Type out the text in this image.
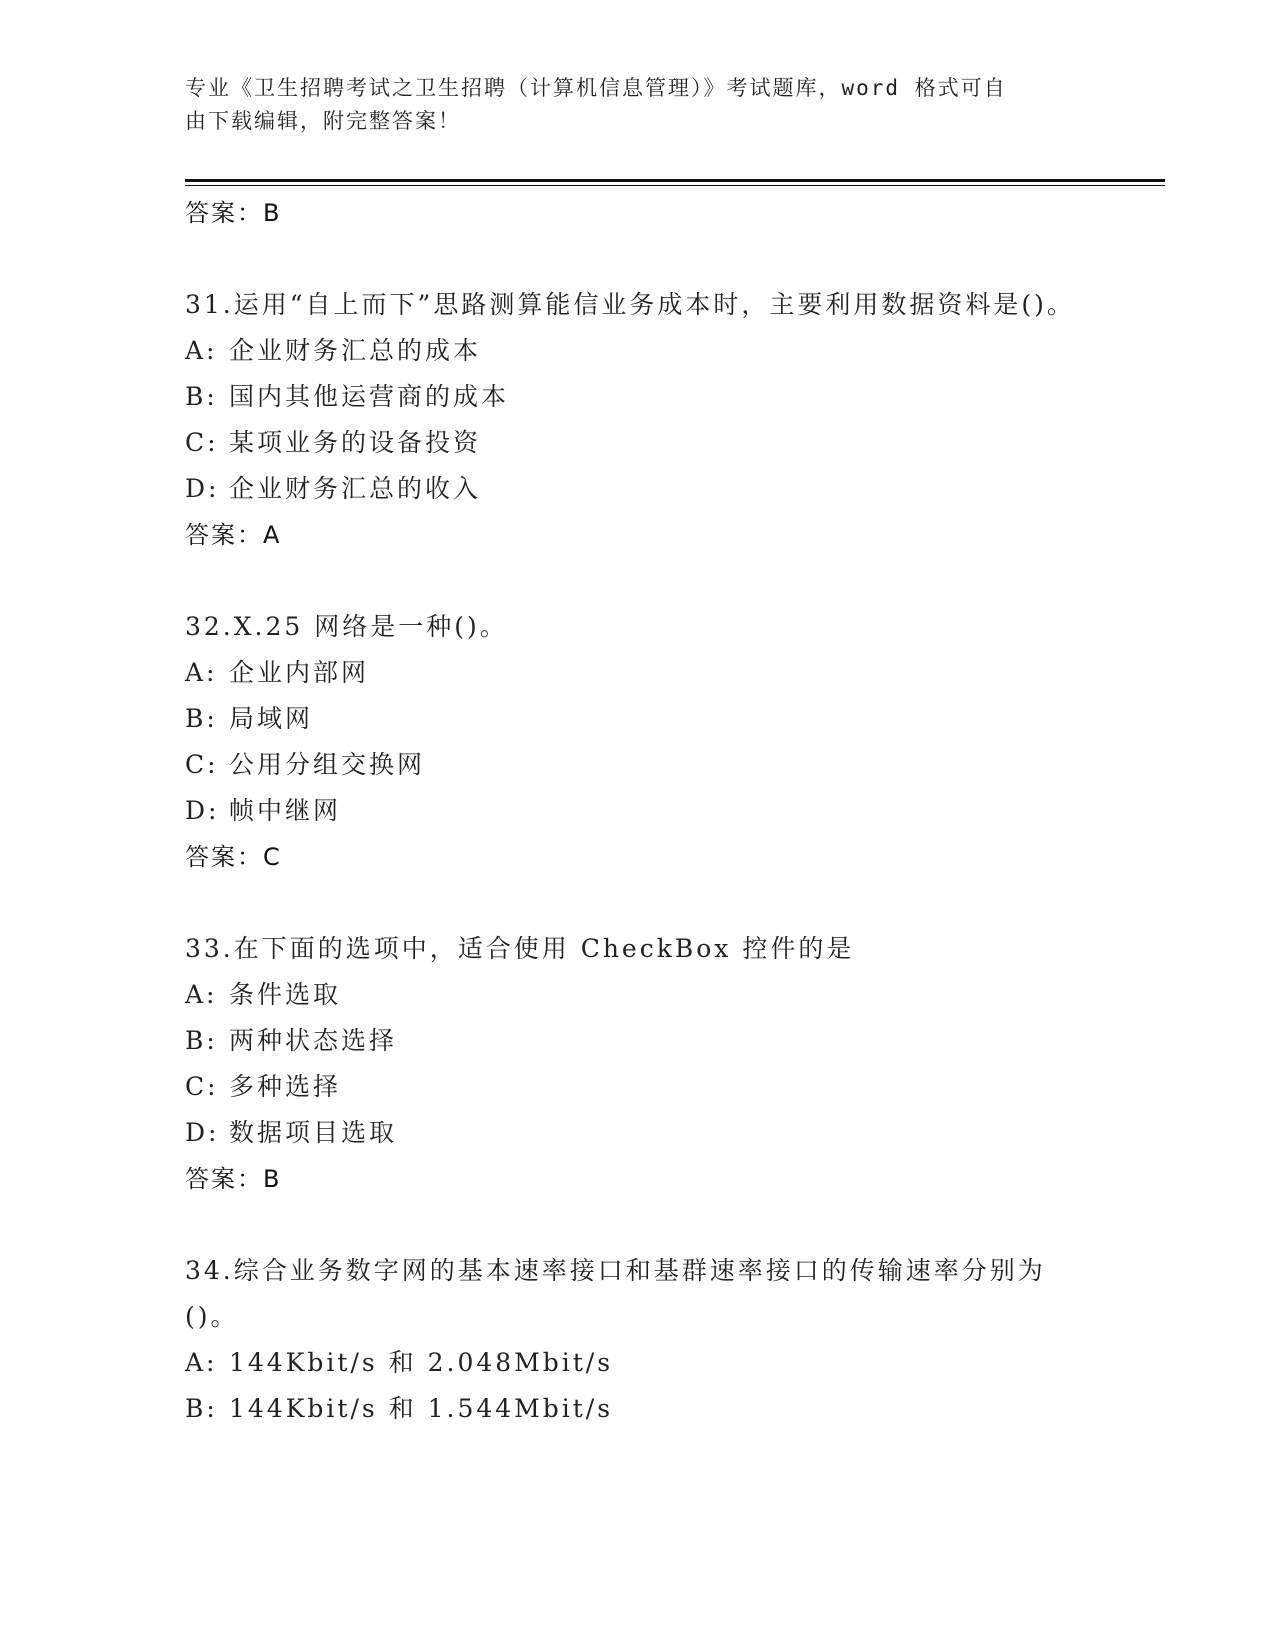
专业《卫生招聘考试之卫生招聘（计算机信息管理）》考试题库，word 格式可自
由下载编辑，附完整答案！
答案：B

31.运用“自上而下”思路测算能信业务成本时，主要利用数据资料是()。

A: 企业财务汇总的成本
B: 国内其他运营商的成本
C: 某项业务的设备投资
D: 企业财务汇总的收入
答案：A

32.X.25 网络是一种()。

A: 企业内部网
B: 局域网
C: 公用分组交换网
D: 帧中继网
答案：C

33.在下面的选项中，适合使用 CheckBox 控件的是

A: 条件选取
B: 两种状态选择
C: 多种选择
D: 数据项目选取
答案：B

34.综合业务数字网的基本速率接口和基群速率接口的传输速率分别为()。

A: 144Kbit/s 和 2.048Mbit/s
B: 144Kbit/s 和 1.544Mbit/s
